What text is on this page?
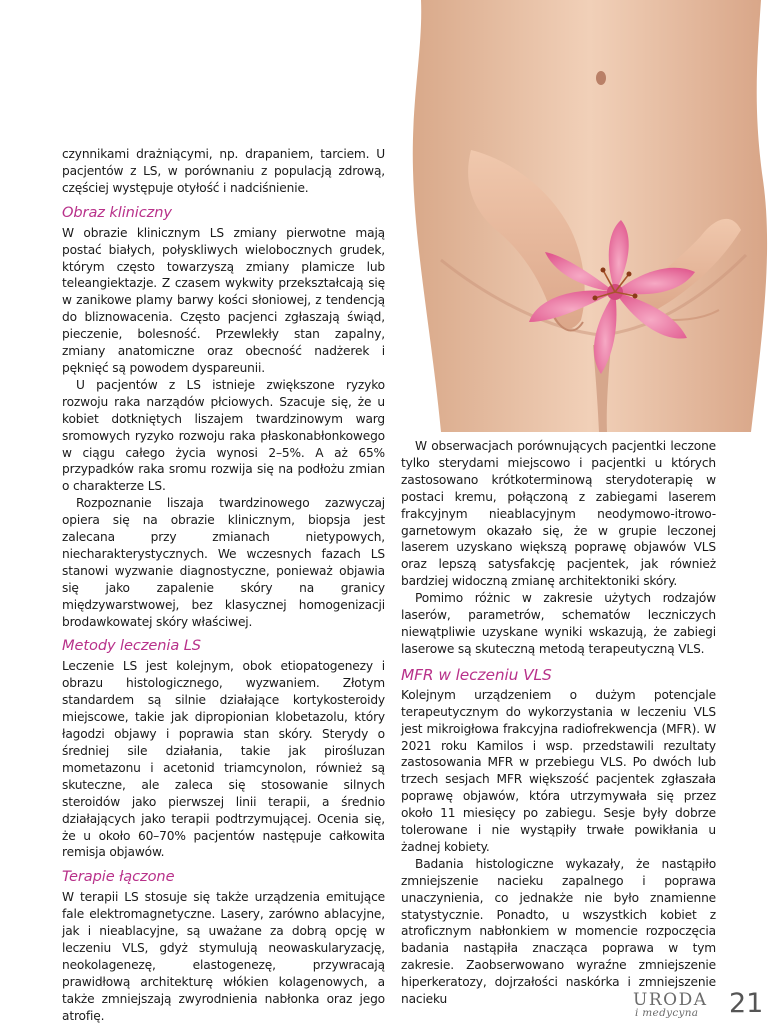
czynnikami drażniącymi, np. drapaniem, tarciem. U pacjentów z LS, w porównaniu z populacją zdrową, częściej występuje otyłość i nadciśnienie.

Obraz kliniczny

W obrazie klinicznym LS zmiany pierwotne mają postać białych, połyskliwych wielobocznych grudek, którym często towarzyszą zmiany plamicze lub teleangiektazje. Z czasem wykwity przekształcają się w zanikowe plamy barwy kości słoniowej, z tendencją do bliznowacenia. Często pacjenci zgłaszają świąd, pieczenie, bolesność. Przewlekły stan zapalny, zmiany anatomiczne oraz obecność nadżerek i pęknięć są powodem dyspareunii.

U pacjentów z LS istnieje zwiększone ryzyko rozwoju raka narządów płciowych. Szacuje się, że u kobiet dotkniętych liszajem twardzinowym warg sromowych ryzyko rozwoju raka płaskonabłonkowego w ciągu całego życia wynosi 2–5%. A aż 65% przypadków raka sromu rozwija się na podłożu zmian o charakterze LS.

Rozpoznanie liszaja twardzinowego zazwyczaj opiera się na obrazie klinicznym, biopsja jest zalecana przy zmianach nietypowych, niecharakterystycznych. We wczesnych fazach LS stanowi wyzwanie diagnostyczne, ponieważ objawia się jako zapalenie skóry na granicy międzywarstwowej, bez klasycznej homogenizacji brodawkowatej skóry właściwej.

Metody leczenia LS

Leczenie LS jest kolejnym, obok etiopatogenezy i obrazu histologicznego, wyzwaniem. Złotym standardem są silnie działające kortykosteroidy miejscowe, takie jak dipropionian klobetazolu, który łagodzi objawy i poprawia stan skóry. Sterydy o średniej sile działania, takie jak pirośluzan mometazonu i acetonid triamcynolon, również są skuteczne, ale zaleca się stosowanie silnych steroidów jako pierwszej linii terapii, a średnio działających jako terapii podtrzymującej. Ocenia się, że u około 60–70% pacjentów następuje całkowita remisja objawów.

Terapie łączone

W terapii LS stosuje się także urządzenia emitujące fale elektromagnetyczne. Lasery, zarówno ablacyjne, jak i nieablacyjne, są uważane za dobrą opcję w leczeniu VLS, gdyż stymulują neowaskularyzację, neokolagenezę, elastogenezę, przywracają prawidłową architekturę włókien kolagenowych, a także zmniejszają zwyrodnienia nabłonka oraz jego atrofię.

W obserwacjach porównujących pacjentki leczone tylko sterydami miejscowo i pacjentki u których zastosowano krótkoterminową sterydoterapię w postaci kremu, połączoną z zabiegami laserem frakcyjnym nieablacyjnym neodymowo-itrowo-garnetowym okazało się, że w grupie leczonej laserem uzyskano większą poprawę objawów VLS oraz lepszą satysfakcję pacjentek, jak również bardziej widoczną zmianę architektoniki skóry.

Pomimo różnic w zakresie użytych rodzajów laserów, parametrów, schematów leczniczych niewątpliwie uzyskane wyniki wskazują, że zabiegi laserowe są skuteczną metodą terapeutyczną VLS.

MFR w leczeniu VLS

Kolejnym urządzeniem o dużym potencjale terapeutycznym do wykorzystania w leczeniu VLS jest mikroigłowa frakcyjna radiofrekwencja (MFR). W 2021 roku Kamilos i wsp. przedstawili rezultaty zastosowania MFR w przebiegu VLS. Po dwóch lub trzech sesjach MFR większość pacjentek zgłaszała poprawę objawów, która utrzymywała się przez około 11 miesięcy po zabiegu. Sesje były dobrze tolerowane i nie wystąpiły trwałe powikłania u żadnej kobiety.

Badania histologiczne wykazały, że nastąpiło zmniejszenie nacieku zapalnego i poprawa unaczynienia, co jednakże nie było znamienne statystycznie. Ponadto, u wszystkich kobiet z atroficznym nabłonkiem w momencie rozpoczęcia badania nastąpiła znacząca poprawa w tym zakresie. Zaobserwowano wyraźne zmniejszenie hiperkeratozy, dojrzałości naskórka i zmniejszenie nacieku	URODA
i medycyna 21
